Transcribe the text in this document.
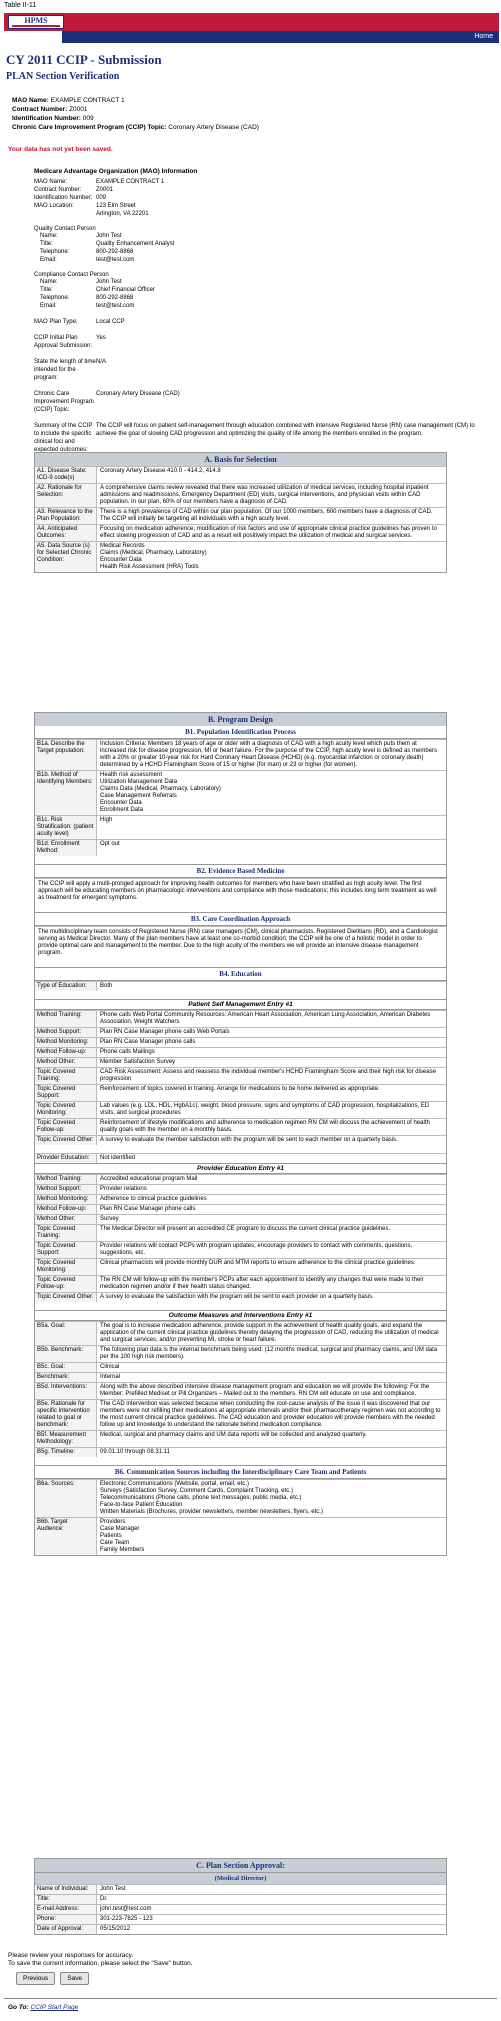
Table II-11
HPMS
Home
CY 2011 CCIP - Submission
PLAN Section Verification
MAO Name: EXAMPLE CONTRACT 1
Contract Number: Z0001
Identification Number: 009
Chronic Care Improvement Program (CCIP) Topic: Coronary Artery Disease (CAD)
Your data has not yet been saved.
Medicare Advantage Organization (MAO) Information
MAO Name:	EXAMPLE CONTRACT 1
Contract Number:	Z0001
Identification Number: 009
MAO Location:	123 Elm Street
Arlington, VA 22201
Quality Contact Person
Name:	John Test
Title:	Quality Enhancement Analyst
Telephone:	800-292-8868
Email:	test@test.com
Compliance Contact Person
Name:	John Test
Title:	Chief Financial Officer
Telephone:	800-292-8868
Email:	test@test.com
MAO Plan Type:	Local CCP
CCIP Initial Plan Approval Submission:
Yes
State the length of time intended for the program:
N/A
Chronic Care Improvement Program (CCIP) Topic:
Coronary Artery Disease (CAD)
Summary of the CCIP to include the specific clinical foci and expected outcomes:
The CCIP will focus on patient self-management through education combined with intensive Registered Nurse (RN) case management (CM) to achieve the goal of slowing CAD progression and optimizing the quality of life among the members enrolled in the program.
A. Basis for Selection
A1. Disease State: ICD-9 code(s)
Coronary Artery Disease 410.0 - 414.2, 414.8
A2. Rationale for Selection:
A comprehensive claims review revealed that there was increased utilization of medical services, including hospital inpatient admissions and readmissions, Emergency Department (ED) visits, surgical interventions, and physician visits within CAD population. In our plan, 60% of our members have a diagnosis of CAD.
A3. Relevance to the Plan Population:
There is a high prevalence of CAD within our plan population. Of our 1000 members, 600 members have a diagnosis of CAD. The CCIP will initially be targeting all individuals with a high acuity level.
A4. Anticipated Outcomes:
Focusing on medication adherence, modification of risk factors and use of appropriate clinical practice guidelines has proven to effect slowing progression of CAD and as a result will positively impact the utilization of medical and surgical services.
A5. Data Source (s) for Selected Chronic Condition:
Medical Records
Claims (Medical, Pharmacy, Laboratory)
Encounter Data
Health Risk Assessment (HRA) Tools
B. Program Design
B1. Population Identification Process
B1a. Describe the Target population:
Inclusion Criteria: Members 18 years of age or older with a diagnosis of CAD with a high acuity level which puts them at increased risk for disease progression, MI or heart failure. For the purpose of the CCIP, high acuity level is defined as members with a 20% or greater 10-year risk for Hard Coronary Heart Disease (HCHD) (e.g. myocardial infarction or coronary death) determined by a HCHD Framingham Score of 15 or higher (for man) or 23 or higher (for women).
B1b. Method of Identifying Members:
Health risk assessment
Utilization Management Data
Claims Data (Medical, Pharmacy, Laboratory)
Case Management Referrals
Encounter Data
Enrollment Data
B1c. Risk Stratification: (patient acuity level)
High
B1d. Enrollment Method:
Opt out
B2. Evidence Based Medicine
The CCIP will apply a multi-pronged approach for improving health outcomes for members who have been stratified as high acuity level. The first approach will be educating members on pharmacologic interventions and compliance with those medications; this includes long term treatment as well as treatment for emergent symptoms.
B3. Care Coordination Approach
The multidisciplinary team consists of Registered Nurse (RN) case managers (CM), clinical pharmacists, Registered Dietitians (RD), and a Cardiologist serving as Medical Director. Many of the plan members have at least one co-morbid condition; the CCIP will be one of a holistic model in order to provide optimal care and management to the member. Due to the high acuity of the members we will provide an intensive disease management program.
B4. Education
Type of Education:	Both
Patient Self Management Entry #1
Method Training:	Phone calls Web Portal Community Resources: American Heart Association, American Lung Association, American Diabetes Association, Weight Watchers
Method Support:	Plan RN Case Manager phone calls Web Portals
Method Monitoring:	Plan RN Case Manager phone calls
Method Follow-up:	Phone calls Mailings
Method Other:	Member Satisfaction Survey
Topic Covered Training:
CAD Risk Assessment: Assess and reassess the individual member's HCHD Framingham Score and their high risk for disease progression
Topic Covered Support:
Reinforcement of topics covered in training. Arrange for medications to be home delivered as appropriate.
Topic Covered Monitoring:
Lab values (e.g. LDL, HDL, HgbA1c), weight, blood pressure, signs and symptoms of CAD progression, hospitalizations, ED visits, and surgical procedures
Topic Covered Follow-up:
Reinforcement of lifestyle modifications and adherence to medication regimen RN CM will discuss the achievement of health quality goals with the member on a monthly basis.
Topic Covered Other:	A survey to evaluate the member satisfaction with the program will be sent to each member on a quarterly basis.
Provider Education:	Not identified
Provider Education Entry #1
Method Training:	Accredited educational program Mail
Method Support:	Provider relations
Method Monitoring:	Adherence to clinical practice guidelines
Method Follow-up:	Plan RN Case Manager phone calls
Method Other:	Survey
Topic Covered Training:
The Medical Director will present an accredited CE program to discuss the current clinical practice guidelines.
Topic Covered Support:
Provider relations will contact PCPs with program updates, encourage providers to contact with comments, questions, suggestions, etc.
Topic Covered Monitoring:
Clinical pharmacists will provide monthly DUR and MTM reports to ensure adherence to the clinical practice guidelines.
Topic Covered Follow-up:
The RN CM will follow-up with the member's PCPs after each appointment to identify any changes that were made to their medication regimen and/or if their health status changed.
Topic Covered Other:	A survey to evaluate the satisfaction with the program will be sent to each provider on a quarterly basis.
Outcome Measures and Interventions Entry #1
B5a. Goal:	The goal is to increase medication adherence, provide support in the achievement of health quality goals, and expand the application of the current clinical practice guidelines thereby delaying the progression of CAD, reducing the utilization of medical and surgical services, and/or preventing MI, stroke or heart failure.
B5b. Benchmark:	The following plan data is the internal benchmark being used: (12 months medical, surgical and pharmacy claims, and UM data per the 100 high risk members).
B5c. Goal:	Clinical
Benchmark:	Internal
B5d. Interventions:	Along with the above described intensive disease management program and education we will provide the following: For the Member: Prefilled Mediset or Pill Organizers – Mailed out to the members. RN CM will educate on use and compliance.
B5e. Rationale for specific intervention related to goal or benchmark:
The CAD intervention was selected because when conducting the root-cause analysis of the issue it was discovered that our members were not refilling their medications at appropriate intervals and/or their pharmacotherapy regimen was not according to the most current clinical practice guidelines. The CAD education and provider education will provide members with the needed follow up and knowledge to understand the rationale behind medication compliance.
B5f. Measurement Methodology:
Medical, surgical and pharmacy claims and UM data reports will be collected and analyzed quarterly.
B5g. Timeline:	09.01.10 through 08.31.11
B6. Communication Sources including the Interdisciplinary Care Team and Patients
B6a. Sources:	Electronic Communications (Website, portal, email, etc.)
Surveys (Satisfaction Survey, Comment Cards, Complaint Tracking, etc.)
Telecommunications (Phone calls, phone text messages, public media, etc.)
Face-to-face Patient Education
Written Materials (Brochures, provider newsletters, member newsletters, flyers, etc.)
B6b. Target Audience:
Providers
Case Manager
Patients
Care Team
Family Members
C. Plan Section Approval:
(Medical Director)
Name of Individual:	John Test
Title:	Dr.
E-mail Address:	john.test@test.com
Phone:	301-223-7825 - 123
Date of Approval:	05/15/2012
Please review your responses for accuracy.
To save the current information, please select the "Save" button.
Previous	Save
Go To: CCIP Start Page
